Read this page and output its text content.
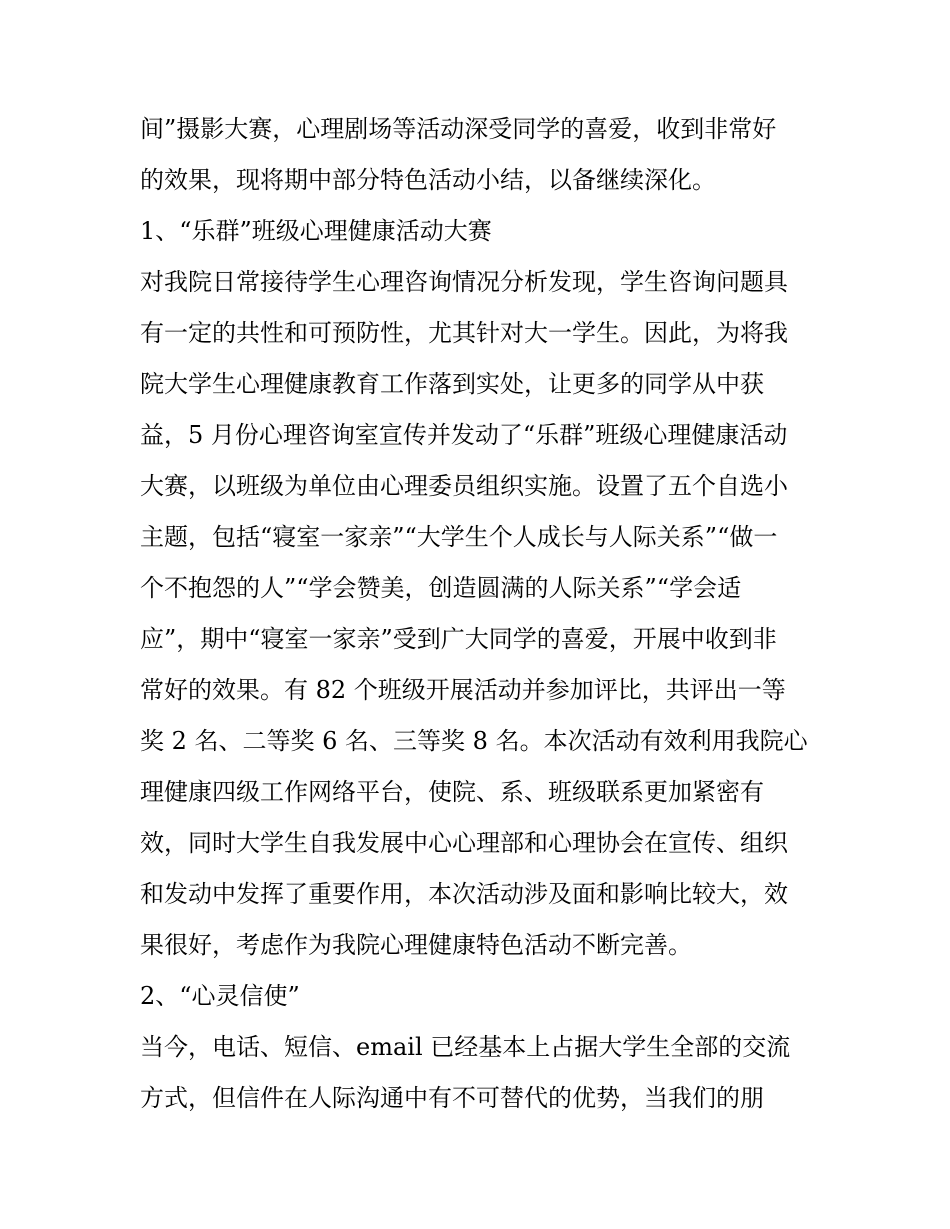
间”摄影大赛，心理剧场等活动深受同学的喜爱，收到非常好
的效果，现将期中部分特色活动小结，以备继续深化。
1、“乐群”班级心理健康活动大赛
对我院日常接待学生心理咨询情况分析发现，学生咨询问题具
有一定的共性和可预防性，尤其针对大一学生。因此，为将我
院大学生心理健康教育工作落到实处，让更多的同学从中获
益，5 月份心理咨询室宣传并发动了“乐群”班级心理健康活动
大赛，以班级为单位由心理委员组织实施。设置了五个自选小
主题，包括“寝室一家亲”“大学生个人成长与人际关系”“做一
个不抱怨的人”“学会赞美，创造圆满的人际关系”“学会适
应”，期中“寝室一家亲”受到广大同学的喜爱，开展中收到非
常好的效果。有 82 个班级开展活动并参加评比，共评出一等
奖 2 名、二等奖 6 名、三等奖 8 名。本次活动有效利用我院心
理健康四级工作网络平台，使院、系、班级联系更加紧密有
效，同时大学生自我发展中心心理部和心理协会在宣传、组织
和发动中发挥了重要作用，本次活动涉及面和影响比较大，效
果很好，考虑作为我院心理健康特色活动不断完善。
2、“心灵信使”
当今，电话、短信、email 已经基本上占据大学生全部的交流
方式，但信件在人际沟通中有不可替代的优势，当我们的朋
